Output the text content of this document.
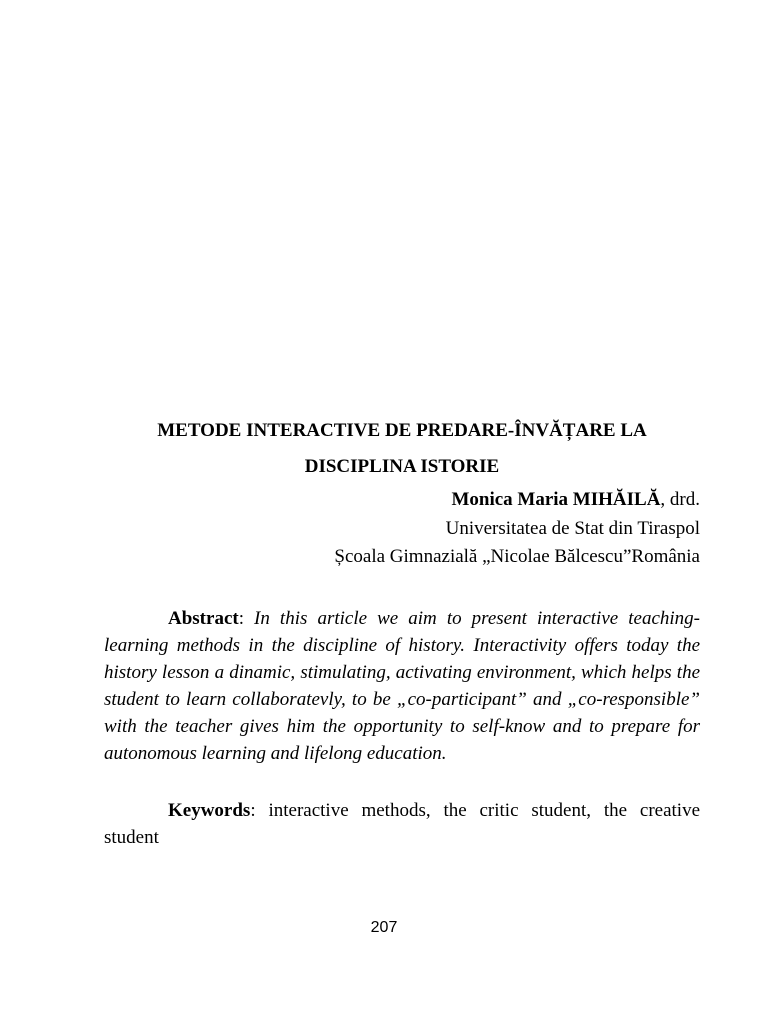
METODE INTERACTIVE DE PREDARE-ÎNVĂȚARE LA
DISCIPLINA ISTORIE
Monica Maria MIHĂILĂ, drd.
Universitatea de Stat din Tiraspol
Școala Gimnazială „Nicolae Bălcescu”România
Abstract: In this article we aim to present interactive teaching-learning methods in the discipline of history. Interactivity offers today the history lesson a dinamic, stimulating, activating environment, which helps the student to learn collaboratevly, to be „co-participant” and „co-responsible” with the teacher gives him the opportunity to self-know and to prepare for autonomous learning and lifelong education.
Keywords: interactive methods, the critic student, the creative student
207
